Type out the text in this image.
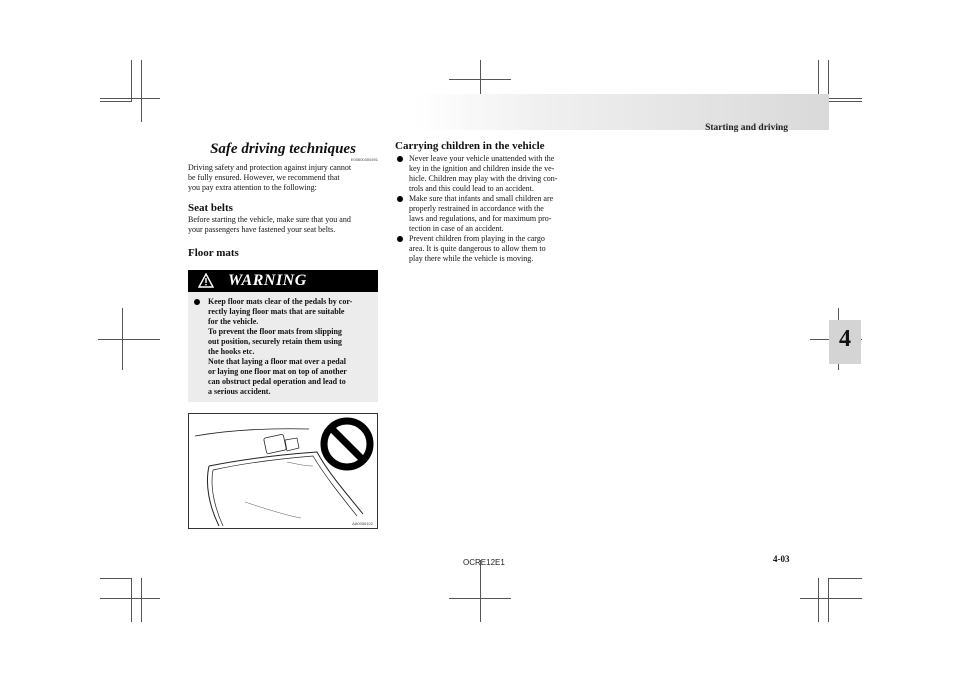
Starting and driving
4
Safe driving techniques
E00600300491

Driving safety and protection against injury cannot
be fully ensured. However, we recommend that
you pay extra attention to the following:

Seat belts

Before starting the vehicle, make sure that you and
your passengers have fastened your seat belts.

Floor mats
WARNING
Keep floor mats clear of the pedals by cor-
rectly laying floor mats that are suitable
for the vehicle.
To prevent the floor mats from slipping
out position, securely retain them using
the hooks etc.
Note that laying a floor mat over a pedal
or laying one floor mat on top of another
can obstruct pedal operation and lead to
a serious accident.
AA0056102
Carrying children in the vehicle
Never leave your vehicle unattended with the
key in the ignition and children inside the ve-
hicle. Children may play with the driving con-
trols and this could lead to an accident.
Make sure that infants and small children are
properly restrained in accordance with the
laws and regulations, and for maximum pro-
tection in case of an accident.
Prevent children from playing in the cargo
area. It is quite dangerous to allow them to
play there while the vehicle is moving.
OCRE12E1	4-03
